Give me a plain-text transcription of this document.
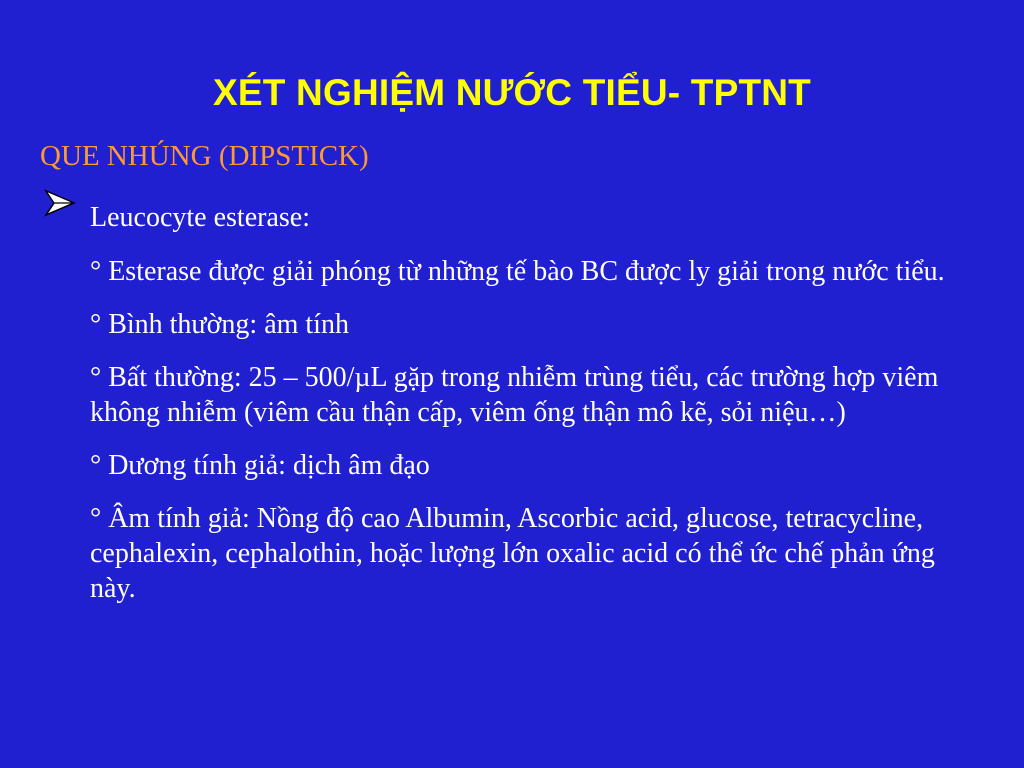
XÉT NGHIỆM NƯỚC TIỂU- TPTNT
QUE NHÚNG (DIPSTICK)

Leucocyte esterase:

° Esterase được giải phóng từ những tế bào BC được ly giải trong nước tiểu.

° Bình thường: âm tính

° Bất thường: 25 – 500/µL gặp trong nhiễm trùng tiểu, các trường hợp viêm không nhiễm (viêm cầu thận cấp, viêm ống thận mô kẽ, sỏi niệu…)

° Dương tính giả: dịch âm đạo

° Âm tính giả: Nồng độ cao Albumin, Ascorbic acid, glucose, tetracycline, cephalexin, cephalothin, hoặc lượng lớn oxalic acid có thể ức chế phản ứng này.
